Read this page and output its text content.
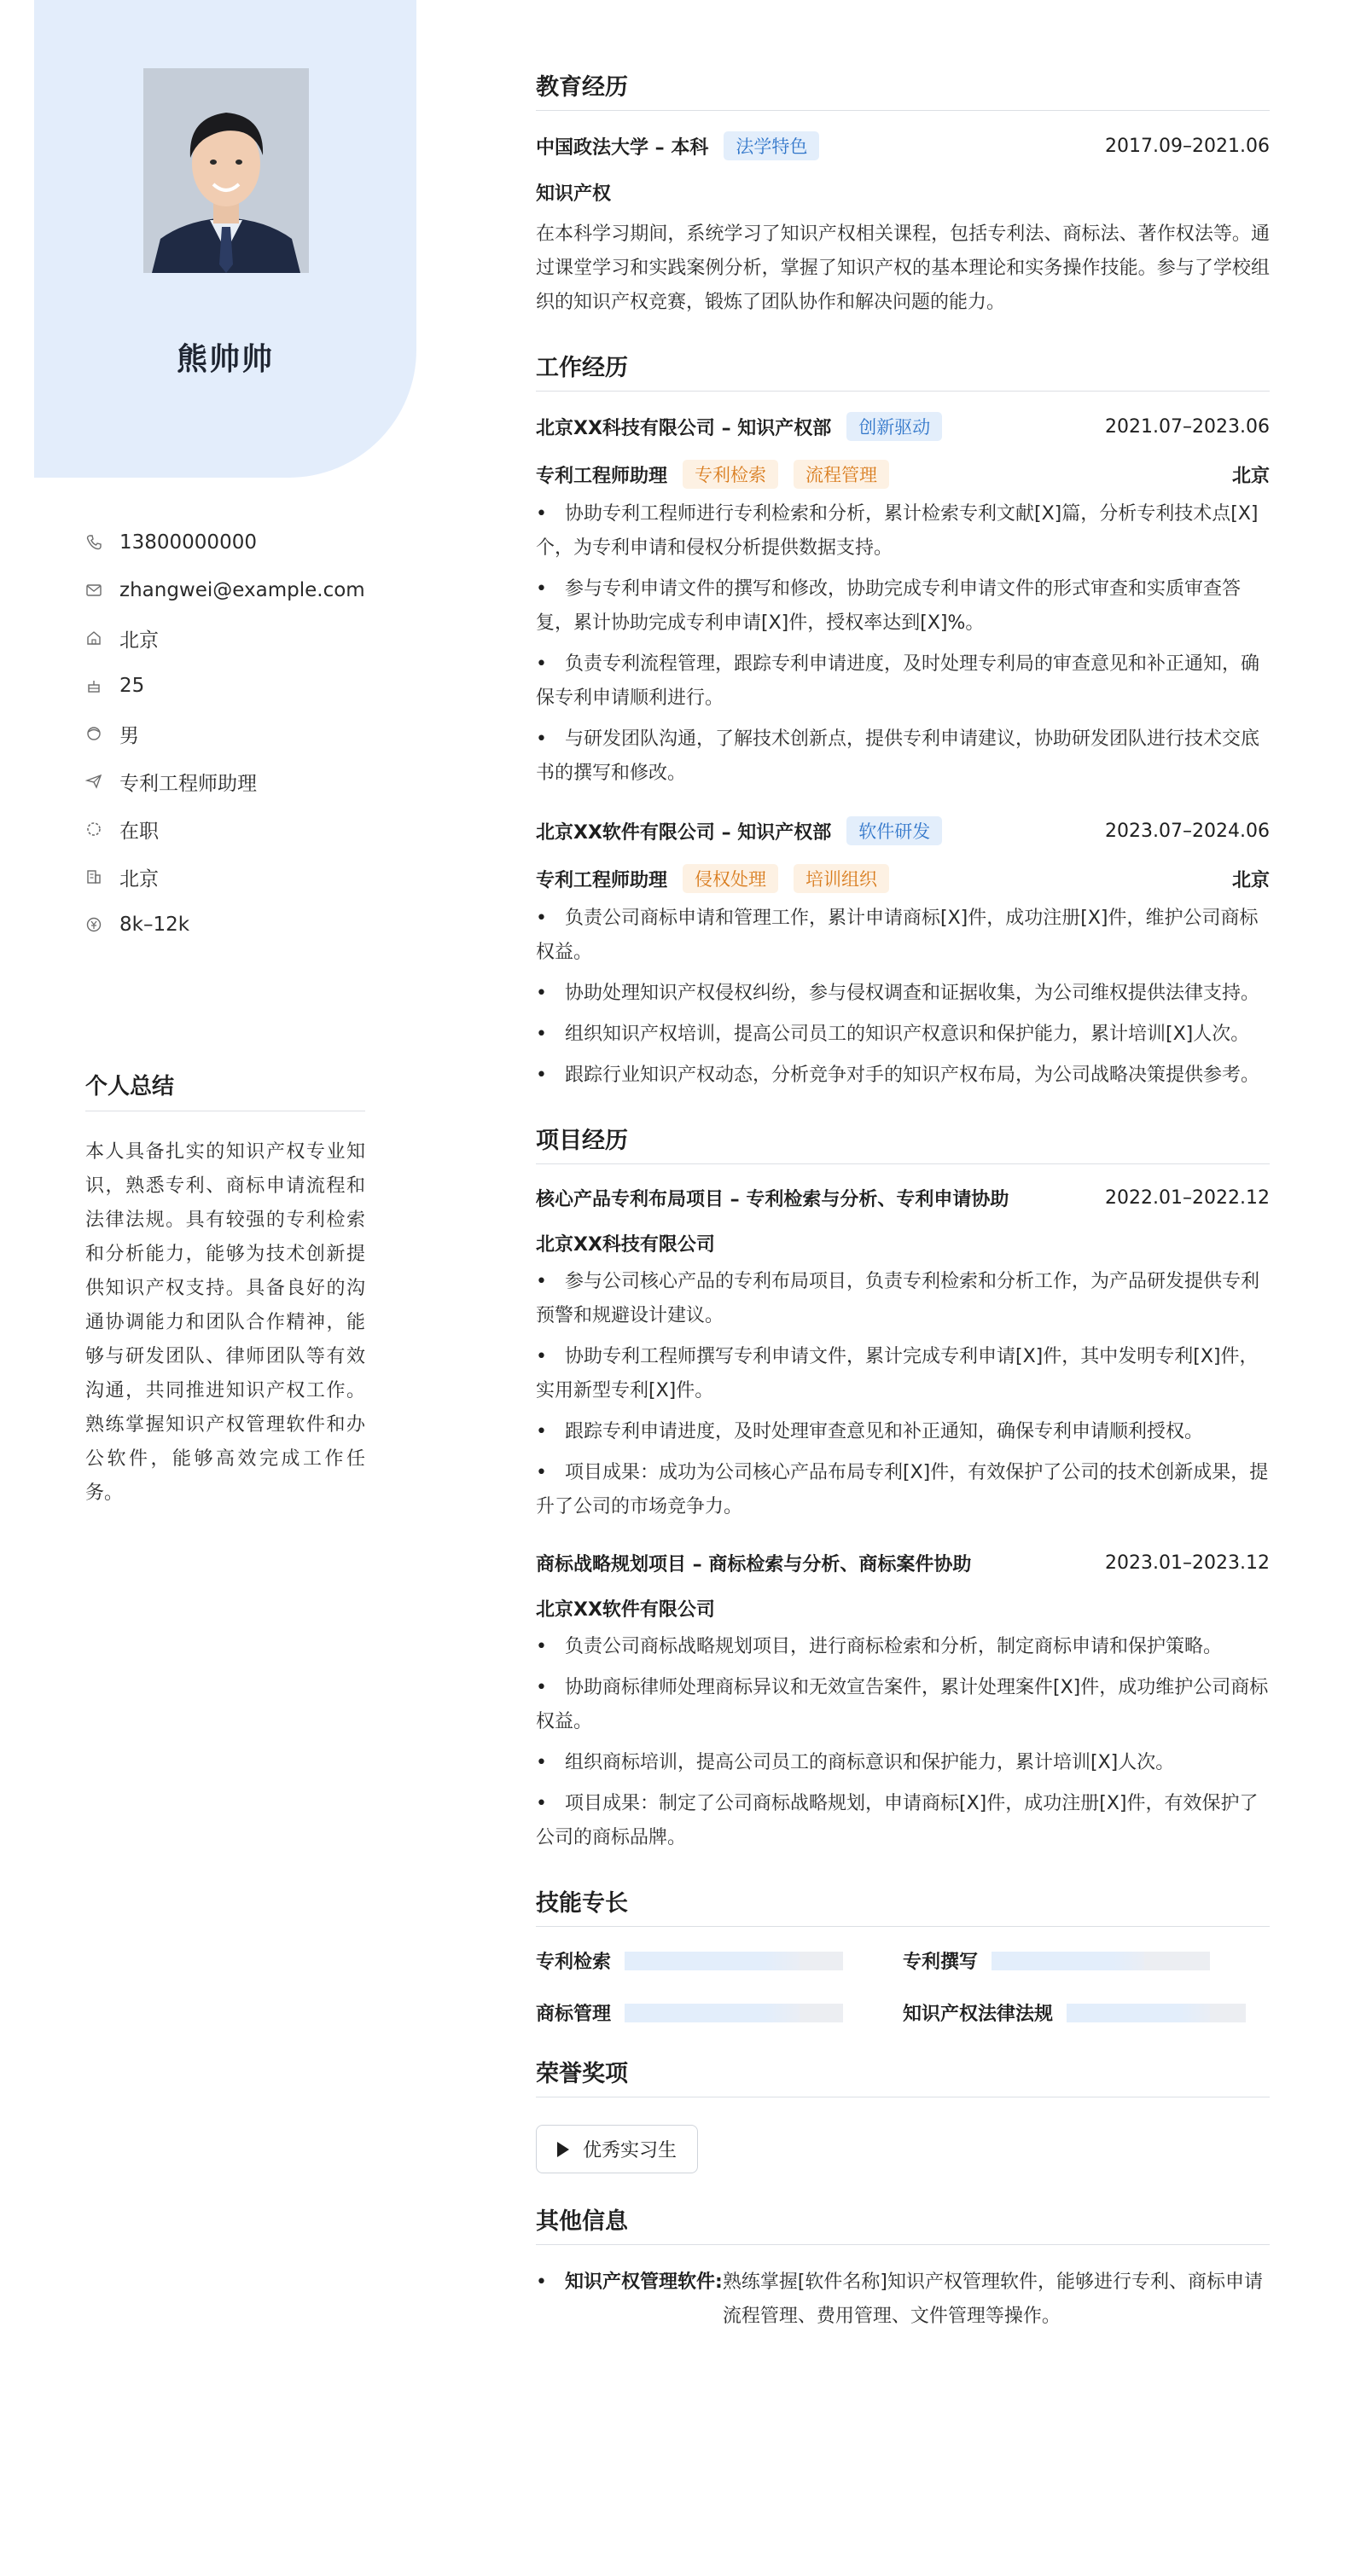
熊帅帅
13800000000
zhangwei@example.com
北京
25
男
专利工程师助理
在职
北京
8k–12k
个人总结
本人具备扎实的知识产权专业知识，熟悉专利、商标申请流程和法律法规。具有较强的专利检索和分析能力，能够为技术创新提供知识产权支持。具备良好的沟通协调能力和团队合作精神，能够与研发团队、律师团队等有效沟通，共同推进知识产权工作。熟练掌握知识产权管理软件和办公软件，能够高效完成工作任务。
教育经历
中国政法大学 – 本科	法学特色	2017.09–2021.06
知识产权
在本科学习期间，系统学习了知识产权相关课程，包括专利法、商标法、著作权法等。通过课堂学习和实践案例分析，掌握了知识产权的基本理论和实务操作技能。参与了学校组织的知识产权竞赛，锻炼了团队协作和解决问题的能力。
工作经历
北京XX科技有限公司 – 知识产权部	创新驱动	2021.07–2023.06
专利工程师助理	专利检索	流程管理	北京
• 协助专利工程师进行专利检索和分析，累计检索专利文献[X]篇，分析专利技术点[X]个，为专利申请和侵权分析提供数据支持。
• 参与专利申请文件的撰写和修改，协助完成专利申请文件的形式审查和实质审查答复，累计协助完成专利申请[X]件，授权率达到[X]%。
• 负责专利流程管理，跟踪专利申请进度，及时处理专利局的审查意见和补正通知，确保专利申请顺利进行。
• 与研发团队沟通，了解技术创新点，提供专利申请建议，协助研发团队进行技术交底书的撰写和修改。
北京XX软件有限公司 – 知识产权部	软件研发	2023.07–2024.06
专利工程师助理	侵权处理	培训组织	北京
• 负责公司商标申请和管理工作，累计申请商标[X]件，成功注册[X]件，维护公司商标权益。
• 协助处理知识产权侵权纠纷，参与侵权调查和证据收集，为公司维权提供法律支持。
• 组织知识产权培训，提高公司员工的知识产权意识和保护能力，累计培训[X]人次。
• 跟踪行业知识产权动态，分析竞争对手的知识产权布局，为公司战略决策提供参考。
项目经历
核心产品专利布局项目 – 专利检索与分析、专利申请协助	2022.01–2022.12
北京XX科技有限公司
• 参与公司核心产品的专利布局项目，负责专利检索和分析工作，为产品研发提供专利预警和规避设计建议。
• 协助专利工程师撰写专利申请文件，累计完成专利申请[X]件，其中发明专利[X]件，实用新型专利[X]件。
• 跟踪专利申请进度，及时处理审查意见和补正通知，确保专利申请顺利授权。
• 项目成果：成功为公司核心产品布局专利[X]件，有效保护了公司的技术创新成果，提升了公司的市场竞争力。
商标战略规划项目 – 商标检索与分析、商标案件协助	2023.01–2023.12
北京XX软件有限公司
• 负责公司商标战略规划项目，进行商标检索和分析，制定商标申请和保护策略。
• 协助商标律师处理商标异议和无效宣告案件，累计处理案件[X]件，成功维护公司商标权益。
• 组织商标培训，提高公司员工的商标意识和保护能力，累计培训[X]人次。
• 项目成果：制定了公司商标战略规划，申请商标[X]件，成功注册[X]件，有效保护了公司的商标品牌。
技能专长
专利检索	专利撰写
商标管理	知识产权法律法规
荣誉奖项
优秀实习生
其他信息
• 知识产权管理软件: 熟练掌握[软件名称]知识产权管理软件，能够进行专利、商标申请流程管理、费用管理、文件管理等操作。
